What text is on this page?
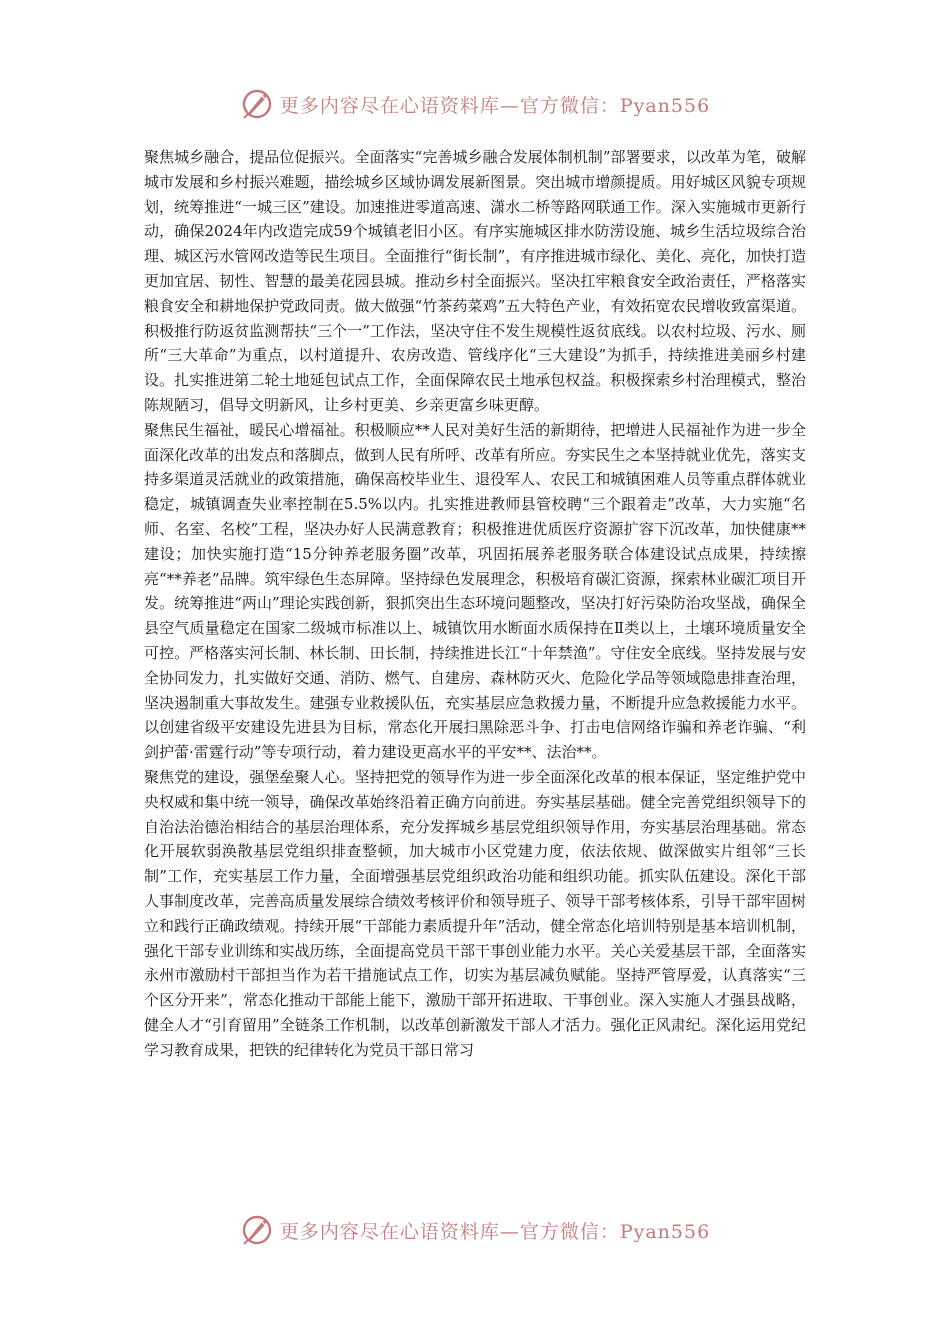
更多内容尽在心语资料库—官方微信：Pyan556

聚焦城乡融合，提品位促振兴。全面落实“完善城乡融合发展体制机制”部署要求，以改革为笔，破解城市发展和乡村振兴难题，描绘城乡区域协调发展新图景。突出城市增颜提质。用好城区风貌专项规划，统筹推进“一城三区”建设。加速推进零道高速、潇水二桥等路网联通工作。深入实施城市更新行动，确保2024年内改造完成59个城镇老旧小区。有序实施城区排水防涝设施、城乡生活垃圾综合治理、城区污水管网改造等民生项目。全面推行“街长制”，有序推进城市绿化、美化、亮化，加快打造更加宜居、韧性、智慧的最美花园县城。推动乡村全面振兴。坚决扛牢粮食安全政治责任，严格落实粮食安全和耕地保护党政同责。做大做强“竹茶药菜鸡”五大特色产业，有效拓宽农民增收致富渠道。积极推行防返贫监测帮扶“三个一”工作法，坚决守住不发生规模性返贫底线。以农村垃圾、污水、厕所“三大革命”为重点，以村道提升、农房改造、管线序化“三大建设”为抓手，持续推进美丽乡村建设。扎实推进第二轮土地延包试点工作，全面保障农民土地承包权益。积极探索乡村治理模式，整治陈规陋习，倡导文明新风，让乡村更美、乡亲更富乡味更醇。

聚焦民生福祉，暖民心增福祉。积极顺应**人民对美好生活的新期待，把增进人民福祉作为进一步全面深化改革的出发点和落脚点，做到人民有所呼、改革有所应。夯实民生之本坚持就业优先，落实支持多渠道灵活就业的政策措施，确保高校毕业生、退役军人、农民工和城镇困难人员等重点群体就业稳定，城镇调查失业率控制在5.5%以内。扎实推进教师县管校聘“三个跟着走”改革，大力实施“名师、名室、名校”工程，坚决办好人民满意教育；积极推进优质医疗资源扩容下沉改革，加快健康**建设；加快实施打造“15分钟养老服务圈”改革，巩固拓展养老服务联合体建设试点成果，持续擦亮“**养老”品牌。筑牢绿色生态屏障。坚持绿色发展理念，积极培育碳汇资源，探索林业碳汇项目开发。统筹推进“两山”理论实践创新，狠抓突出生态环境问题整改，坚决打好污染防治攻坚战，确保全县空气质量稳定在国家二级城市标准以上、城镇饮用水断面水质保持在Ⅱ类以上，土壤环境质量安全可控。严格落实河长制、林长制、田长制，持续推进长江“十年禁渔”。守住安全底线。坚持发展与安全协同发力，扎实做好交通、消防、燃气、自建房、森林防灭火、危险化学品等领域隐患排查治理，坚决遏制重大事故发生。建强专业救援队伍，充实基层应急救援力量，不断提升应急救援能力水平。以创建省级平安建设先进县为目标，常态化开展扫黑除恶斗争、打击电信网络诈骗和养老诈骗、“利剑护蕾·雷霆行动”等专项行动，着力建设更高水平的平安**、法治**。

聚焦党的建设，强堡垒聚人心。坚持把党的领导作为进一步全面深化改革的根本保证，坚定维护党中央权威和集中统一领导，确保改革始终沿着正确方向前进。夯实基层基础。健全完善党组织领导下的自治法治德治相结合的基层治理体系，充分发挥城乡基层党组织领导作用，夯实基层治理基础。常态化开展软弱涣散基层党组织排查整顿，加大城市小区党建力度，依法依规、做深做实片组邻“三长制”工作，充实基层工作力量，全面增强基层党组织政治功能和组织功能。抓实队伍建设。深化干部人事制度改革，完善高质量发展综合绩效考核评价和领导班子、领导干部考核体系，引导干部牢固树立和践行正确政绩观。持续开展“干部能力素质提升年”活动，健全常态化培训特别是基本培训机制，强化干部专业训练和实战历练，全面提高党员干部干事创业能力水平。关心关爱基层干部，全面落实永州市激励村干部担当作为若干措施试点工作，切实为基层减负赋能。坚持严管厚爱，认真落实“三个区分开来”，常态化推动干部能上能下，激励干部开拓进取、干事创业。深入实施人才强县战略，健全人才“引育留用”全链条工作机制，以改革创新激发干部人才活力。强化正风肃纪。深化运用党纪学习教育成果，把铁的纪律转化为党员干部日常习

更多内容尽在心语资料库—官方微信：Pyan556
